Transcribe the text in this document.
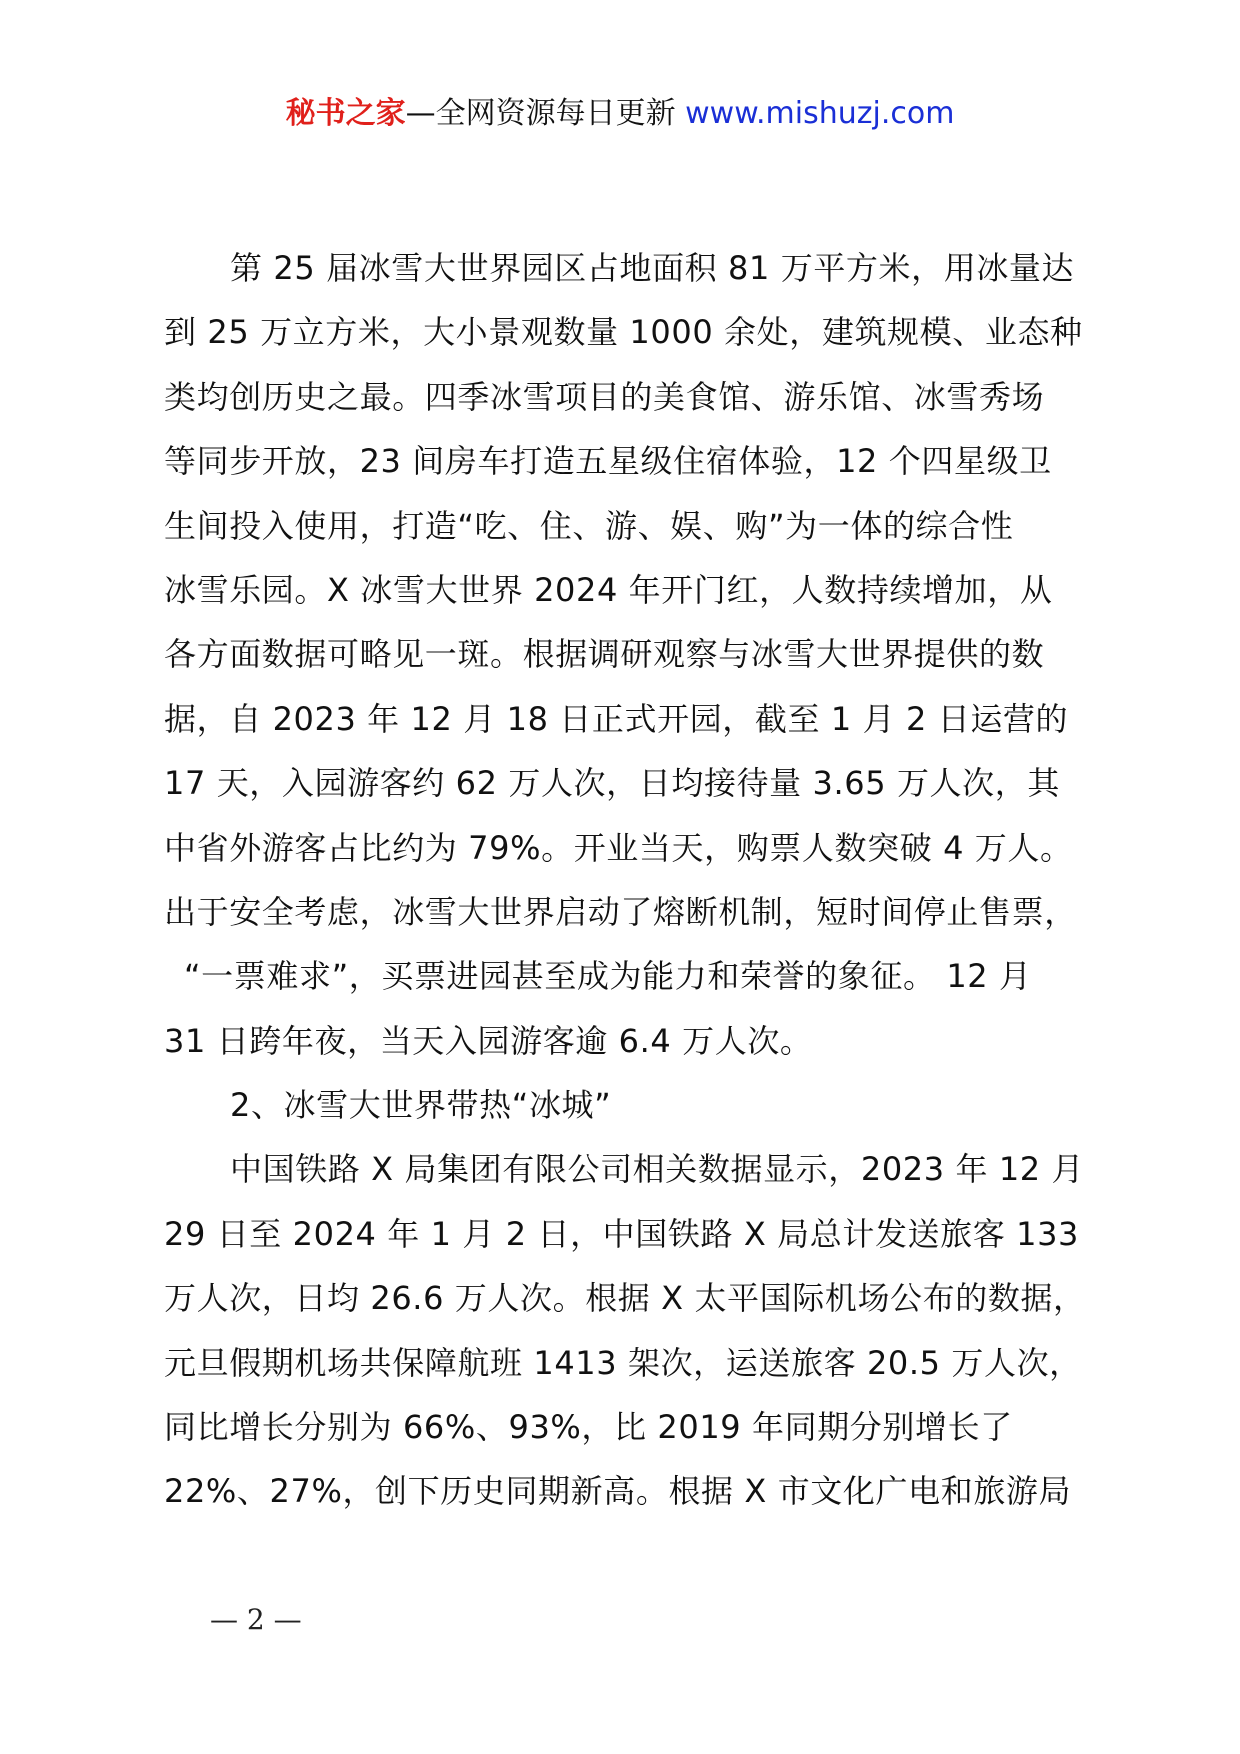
秘书之家—全网资源每日更新 www.mishuzj.com
第 25 届冰雪大世界园区占地面积 81 万平方米，用冰量达
到 25 万立方米，大小景观数量 1000 余处，建筑规模、业态种
类均创历史之最。四季冰雪项目的美食馆、游乐馆、冰雪秀场
等同步开放，23 间房车打造五星级住宿体验，12 个四星级卫
生间投入使用，打造“吃、住、游、娱、购”为一体的综合性
冰雪乐园。X 冰雪大世界 2024 年开门红，人数持续增加，从
各方面数据可略见一斑。根据调研观察与冰雪大世界提供的数
据，自 2023 年 12 月 18 日正式开园，截至 1 月 2 日运营的
17 天，入园游客约 62 万人次，日均接待量 3.65 万人次，其
中省外游客占比约为 79%。开业当天，购票人数突破 4 万人。
出于安全考虑，冰雪大世界启动了熔断机制，短时间停止售票，
“一票难求”，买票进园甚至成为能力和荣誉的象征。 12 月
31 日跨年夜，当天入园游客逾 6.4 万人次。
2、冰雪大世界带热“冰城”
中国铁路 X 局集团有限公司相关数据显示，2023 年 12 月
29 日至 2024 年 1 月 2 日，中国铁路 X 局总计发送旅客 133
万人次，日均 26.6 万人次。根据 X 太平国际机场公布的数据，
元旦假期机场共保障航班 1413 架次，运送旅客 20.5 万人次，
同比增长分别为 66%、93%，比 2019 年同期分别增长了
22%、27%，创下历史同期新高。根据 X 市文化广电和旅游局
— 2 —
